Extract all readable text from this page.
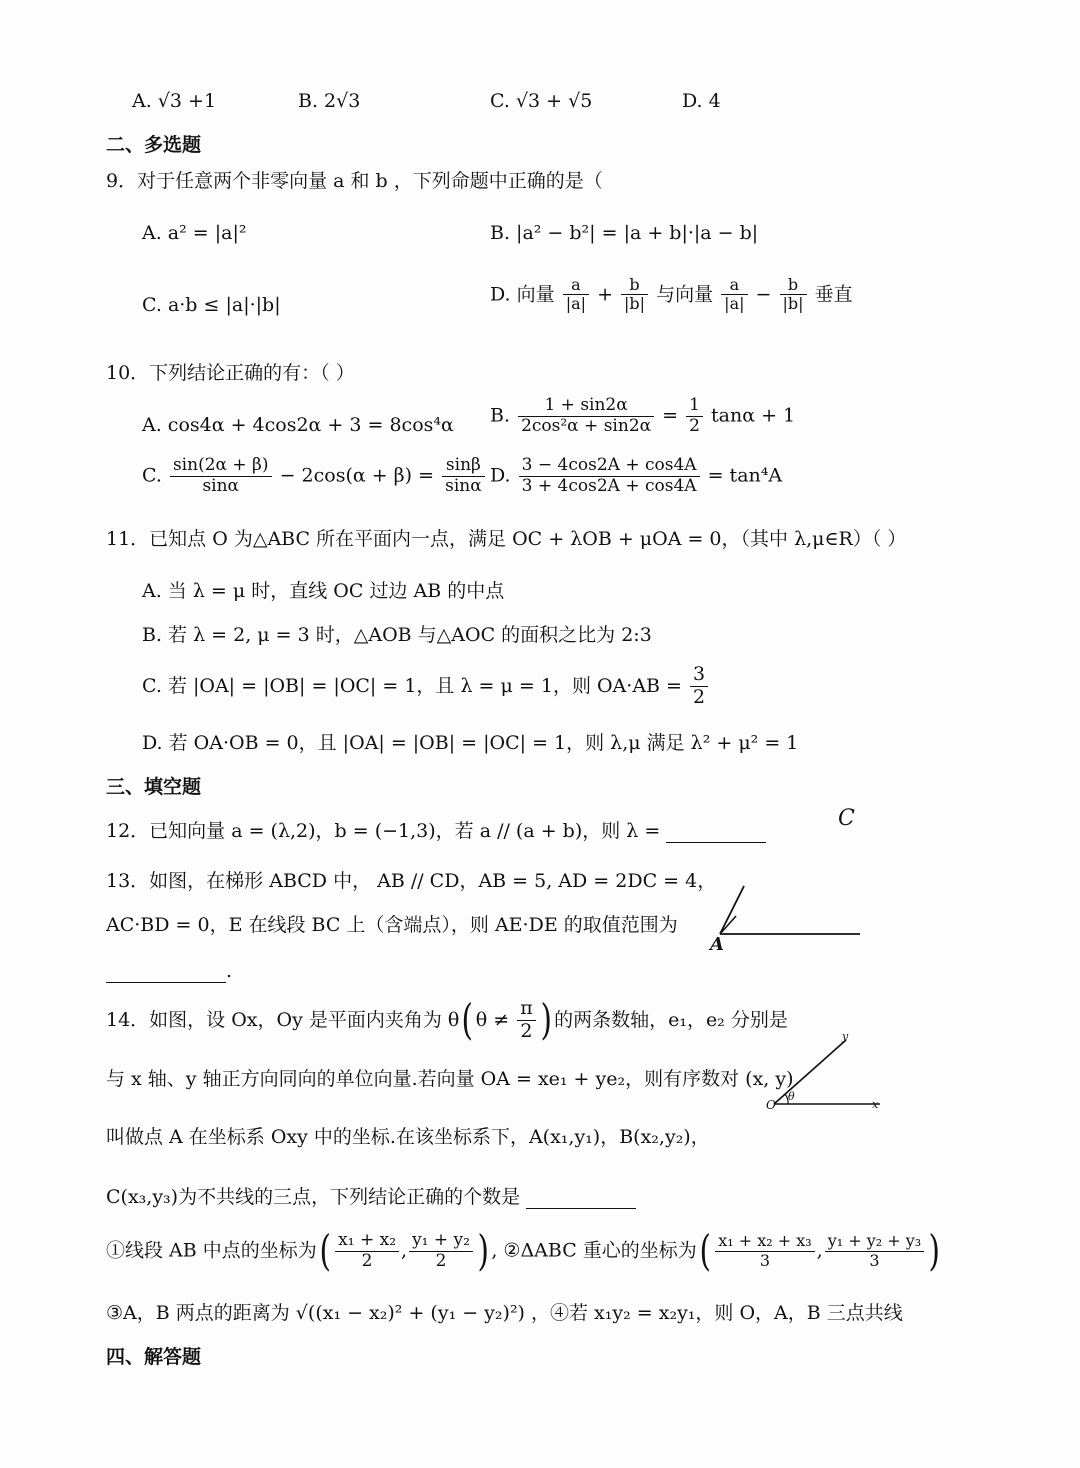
A. √3 +1	B. 2√3	C. √3 + √5	D. 4
二、多选题
9．对于任意两个非零向量 a 和 b ，下列命题中正确的是（
A. a² = |a|²	B. |a² − b²| = |a + b|·|a − b|
C. a·b ≤ |a|·|b|	D. 向量 $\frac{a}{|a|} + \frac{b}{|b|}$ 与向量 $\frac{a}{|a|} - \frac{b}{|b|}$ 垂直
10．下列结论正确的有：（ ）
A. cos4α + 4cos2α + 3 = 8cos⁴α B. $\frac{1 + \sin 2\alpha}{\text{2cos²α + sin2α}} = \frac{1}{2}$ tanα + 1
C. $\frac{\sin(2\alpha + \beta)}{\sin\alpha} - 2\cos(\alpha + \beta) = \frac{\sin\beta}{\sin\alpha} D$. $\frac{3 - 4\cos 2A + \cos 4A}{3 + 4\cos 2A + \cos 4A} = \tan^4A$
11．已知点 O 为△ABC 所在平面内一点，满足 OC + λOB + μOA = 0，（其中 λ,μ∈R）（ ）
A. 当 λ = μ 时，直线 OC 过边 AB 的中点
B. 若 λ = 2, μ = 3 时，△AOB 与△AOC 的面积之比为 2:3
C. 若 |OA| = |OB| = |OC| = 1，且 λ = μ = 1，则 $OA\cdot AB = \frac{3}{2}$
D. 若 OA·OB = 0，且 |OA| = |OB| = |OC| = 1，则 λ,μ 满足 λ² + μ² = 1
三、填空题
12．已知向量 a = (λ,2)，b = (−1,3)，若 a // (a + b)，则 λ =	C
A
13．如图，在梯形 ABCD 中， AB // CD，AB = 5, AD = 2DC = 4，
AC·BD = 0，E 在线段 BC 上（含端点），则 AE·DE 的取值范围为
.
14．如图，设 Ox，Oy 是平面内夹角为 θ( $\theta \ne \frac{\pi}{2}$ ) 的两条数轴，e₁，e₂ 分别是
与 x 轴、y 轴正方向同向的单位向量.若向量 OA = xe₁ + ye₂，则有序数对 (x, y)
叫做点 A 在坐标系 Oxy 中的坐标.在该坐标系下，A(x₁,y₁)，B(x₂,y₂)，
C(x₃,y₃)为不共线的三点，下列结论正确的个数是
①线段 AB 中点的坐标为( $\frac{\text{x₁ + x₂}}{2}$ , $\frac{\text{y₁ + y₂}}{2}$ ) , ②ΔABC 重心的坐标为( $\frac{\text{x₁ + x₂ + x₃}}{3}$ , $\frac{\text{y₁ + y₂ + y₃}}{3}$ )
③A，B 两点的距离为 √((x₁ − x₂)² + (y₁ − y₂)²) ，④若 x₁y₂ = x₂y₁，则 O，A，B 三点共线
O
θ
y
x
四、解答题
